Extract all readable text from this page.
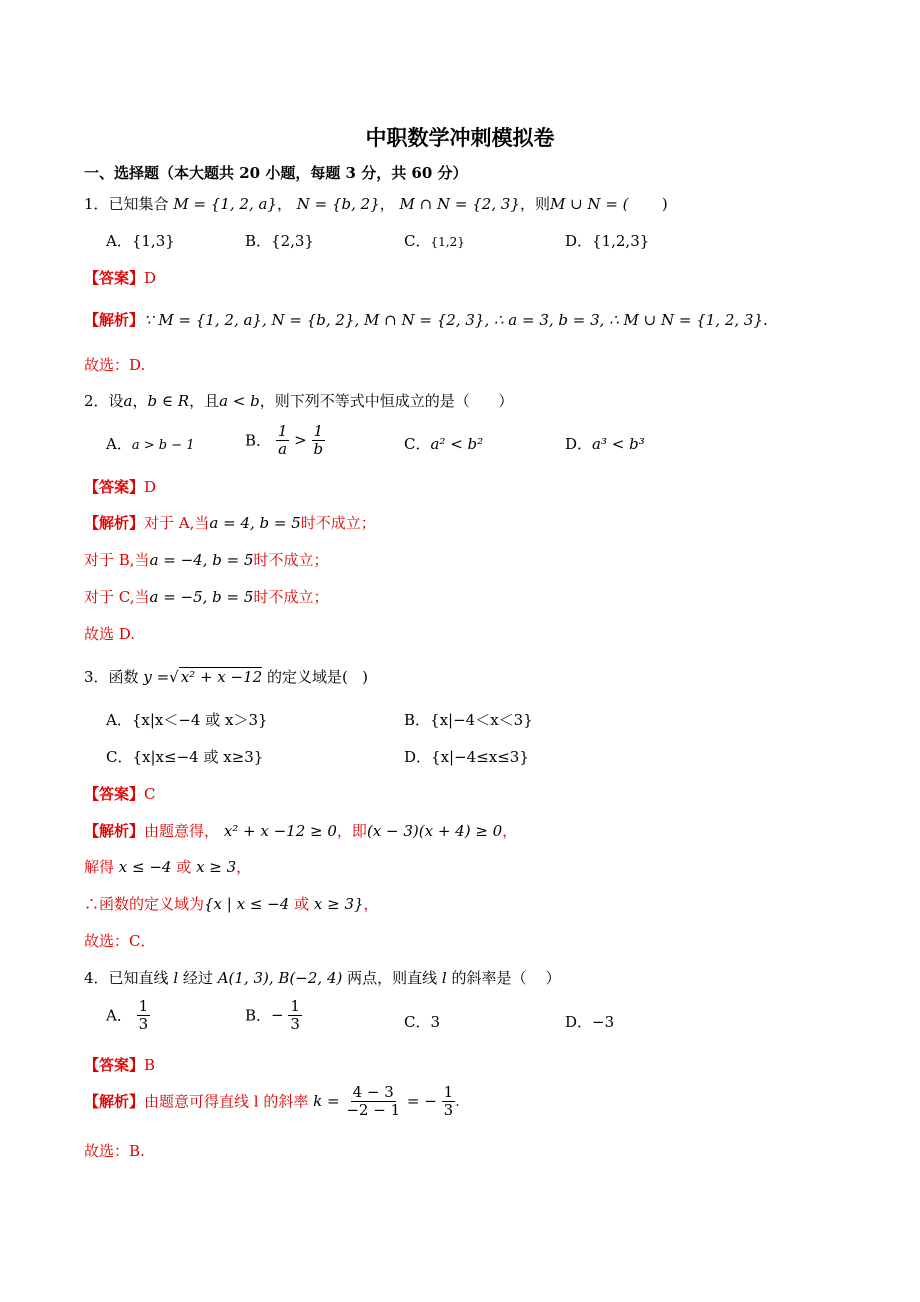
中职数学冲刺模拟卷
一、选择题（本大题共 20 小题，每题 3 分，共 60 分）
1．已知集合 M = {1, 2, a}， N = {b, 2}， M ∩ N = {2, 3}，则M ∪ N = ( )
A．{1,3}	B．{2,3}	C．{1,2}	D．{1,2,3}
【答案】D
【解析】∵ M = {1, 2, a}, N = {b, 2}, M ∩ N = {2, 3}, ∴ a = 3, b = 3, ∴ M ∪ N = {1, 2, 3}.
故选：D.
2．设a，b ∈ R，且a < b，则下列不等式中恒成立的是（ ）
A．a > b − 1	B． $\frac{1}{a} > \frac{1}{b}$	C．a² < b²	D．a³ < b³
【答案】D
【解析】对于 A,当a = 4, b = 5时不成立；
对于 B,当a = −4, b = 5时不成立；
对于 C,当a = −5, b = 5时不成立；
故选 D.
3．函数 y =√ x² + x −12 的定义域是( )
A．{x|x＜−4 或 x＞3}	B．{x|−4＜x＜3}
C．{x|x≤−4 或 x≥3}	D．{x|−4≤x≤3}
【答案】C
【解析】由题意得， x² + x −12 ≥ 0，即(x − 3)(x + 4) ≥ 0，
解得 x ≤ −4 或 x ≥ 3，
∴函数的定义域为{x | x ≤ −4 或 x ≥ 3}，
故选：C．
4．已知直线 l 经过 A(1, 3), B(−2, 4) 两点，则直线 l 的斜率是（ ）
A． $\frac{1}{3}$	B．− $\frac{1}{3}$	C．3	D．−3
【答案】B
【解析】由题意可得直线 l 的斜率 $k = \frac{4 - 3}{-2 - 1}$ = − $\frac{1}{3}$ .
故选：B.
